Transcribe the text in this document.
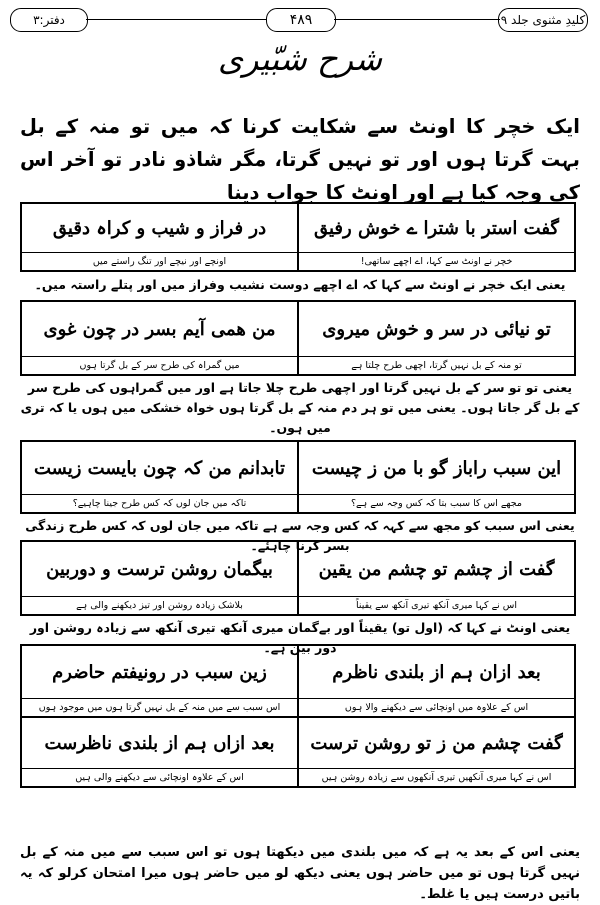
کلیدِ مثنوی جلد ۹
۴۸۹
دفتر:۳
شرح شبّیری
ایک خچر کا اونٹ سے شکایت کرنا کہ میں تو منہ کے بل بہت گرتا ہوں اور تو نہیں گرتا، مگر شاذو نادر تو آخر اس کی وجہ کیا ہے اور اونٹ کا جواب دینا
گفت استر با شترا ے خوش رفیق
خچر نے اونٹ سے کہا، اے اچھے ساتھی!
در فراز و شیب و کراہ دقیق
اونچے اور نیچے اور تنگ راستے میں
یعنی ایک خچر نے اونٹ سے کہا کہ اے اچھے دوست نشیب وفراز میں اور پتلے راستہ میں۔
تو نیائی در سر و خوش میروی
تو منہ کے بل نہیں گرتا، اچھی طرح چلتا ہے
من ھمی آیم بسر در چون غوی
میں گمراہ کی طرح سر کے بل گرتا ہوں
یعنی تو تو سر کے بل نہیں گرتا اور اچھی طرح چلا جاتا ہے اور میں گمراہوں کی طرح سر کے بل گر جاتا ہوں۔ یعنی میں تو ہر دم منہ کے بل گرتا ہوں خواہ خشکی میں ہوں یا کہ تری میں ہوں۔
این سبب راباز گو با من ز چیست
مجھے اس کا سبب بتا کہ کس وجہ سے ہے؟
تابدانم من کہ چون بایست زیست
تاکہ میں جان لوں کہ کس طرح جینا چاہیے؟
یعنی اس سبب کو مجھ سے کہہ کہ کس وجہ سے ہے تاکہ میں جان لوں کہ کس طرح زندگی بسر کرنا چاہئے۔
گفت از چشم تو چشم من یقین
اس نے کہا میری آنکھ تیری آنکھ سے یقیناً
بیگمان روشن ترست و دوربین
بلاشک زیادہ روشن اور تیز دیکھنے والی ہے
یعنی اونٹ نے کہا کہ (اول تو) یقیناً اور بےگمان میری آنکھ تیری آنکھ سے زیادہ روشن اور دور بین ہے۔
بعد ازان ہم از بلندی ناظرم
اس کے علاوہ میں اونچائی سے دیکھنے والا ہوں
زین سبب در رونیفتم حاضرم
اس سبب سے میں منہ کے بل نہیں گرتا ہوں میں موجود ہوں
گفت چشم من ز تو روشن ترست
اس نے کہا میری آنکھیں تیری آنکھوں سے زیادہ روشن ہیں
بعد ازاں ہم از بلندی ناظرست
اس کے علاوہ اونچائی سے دیکھنے والی ہیں
یعنی اس کے بعد یہ ہے کہ میں بلندی میں دیکھتا ہوں تو اس سبب سے میں منہ کے بل نہیں گرتا ہوں تو میں حاضر ہوں یعنی دیکھ لو میں حاضر ہوں میرا امتحان کرلو کہ یہ باتیں درست ہیں یا غلط۔
